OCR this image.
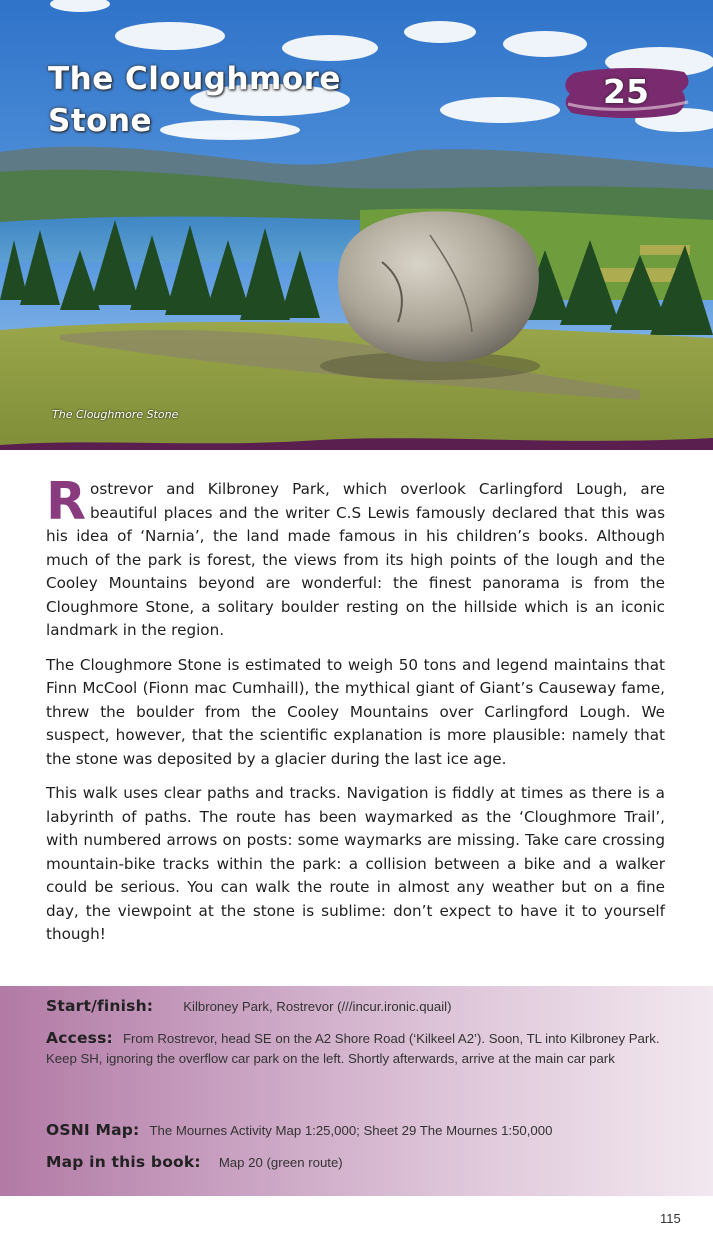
The Cloughmore
Stone
25
The Cloughmore Stone

Rostrevor and Kilbroney Park, which overlook Carlingford Lough, are beautiful places and the writer C.S Lewis famously declared that this was his idea of ‘Narnia’, the land made famous in his children’s books. Although much of the park is forest, the views from its high points of the lough and the Cooley Mountains beyond are wonderful: the finest panorama is from the Cloughmore Stone, a solitary boulder resting on the hillside which is an iconic landmark in the region.

The Cloughmore Stone is estimated to weigh 50 tons and legend maintains that Finn McCool (Fionn mac Cumhaill), the mythical giant of Giant’s Causeway fame, threw the boulder from the Cooley Mountains over Carlingford Lough. We suspect, however, that the scientific explanation is more plausible: namely that the stone was deposited by a glacier during the last ice age.

This walk uses clear paths and tracks. Navigation is fiddly at times as there is a labyrinth of paths. The route has been waymarked as the ‘Cloughmore Trail’, with numbered arrows on posts: some waymarks are missing. Take care crossing mountain-bike tracks within the park: a collision between a bike and a walker could be serious. You can walk the route in almost any weather but on a fine day, the viewpoint at the stone is sublime: don’t expect to have it to yourself though!

Start/finish: Kilbroney Park, Rostrevor (///incur.ironic.quail)
Access: From Rostrevor, head SE on the A2 Shore Road (‘Kilkeel A2’). Soon, TL into Kilbroney Park. Keep SH, ignoring the overflow car park on the left. Shortly afterwards, arrive at the main car park
OSNI Map: The Mournes Activity Map 1:25,000; Sheet 29 The Mournes 1:50,000
Map in this book: Map 20 (green route)
115
